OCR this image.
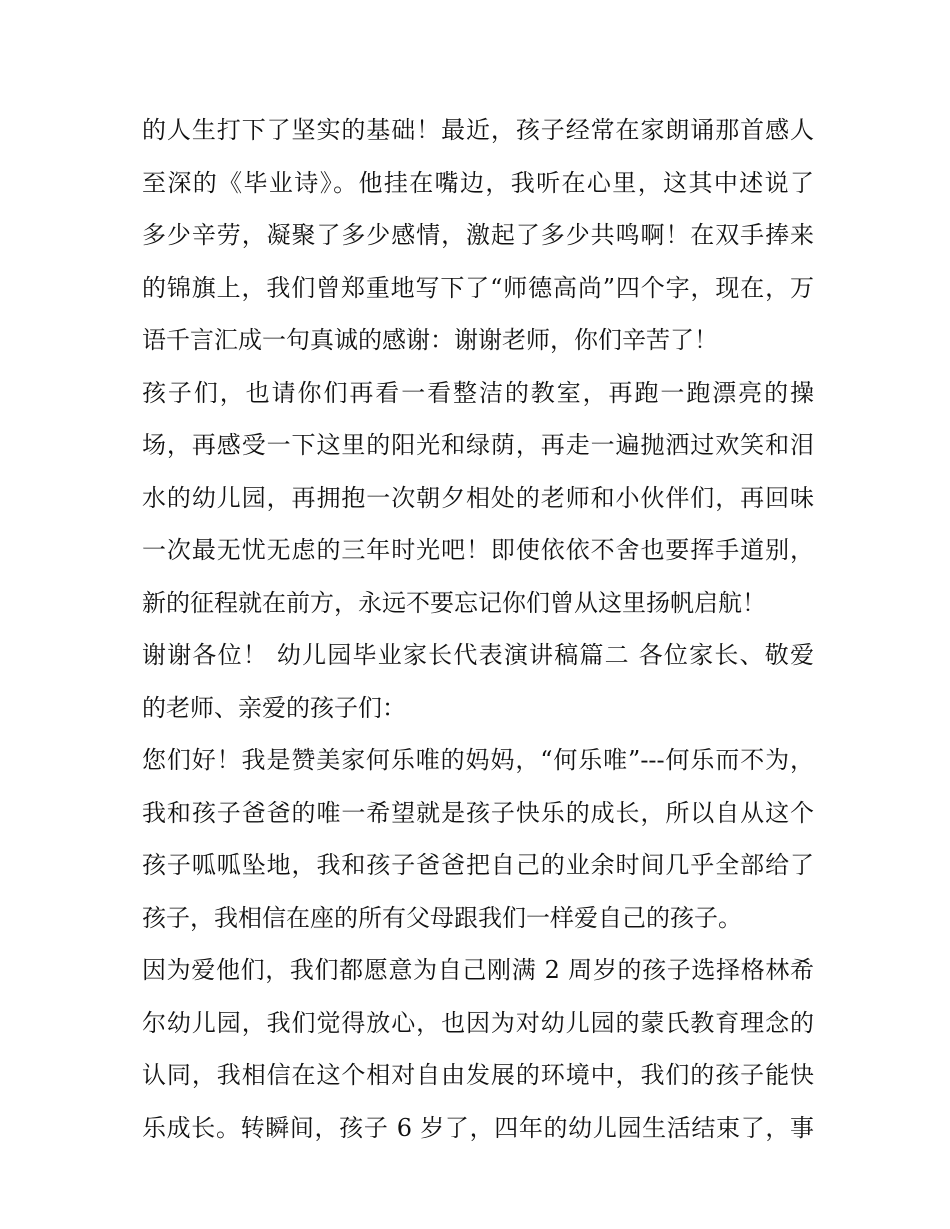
的人生打下了坚实的基础！最近，孩子经常在家朗诵那首感人
至深的《毕业诗》。他挂在嘴边，我听在心里，这其中述说了
多少辛劳，凝聚了多少感情，激起了多少共鸣啊！在双手捧来
的锦旗上，我们曾郑重地写下了“师德高尚”四个字，现在，万
语千言汇成一句真诚的感谢：谢谢老师，你们辛苦了！
孩子们，也请你们再看一看整洁的教室，再跑一跑漂亮的操
场，再感受一下这里的阳光和绿荫，再走一遍抛洒过欢笑和泪
水的幼儿园，再拥抱一次朝夕相处的老师和小伙伴们，再回味
一次最无忧无虑的三年时光吧！即使依依不舍也要挥手道别，
新的征程就在前方，永远不要忘记你们曾从这里扬帆启航！
谢谢各位！ 幼儿园毕业家长代表演讲稿篇二 各位家长、敬爱
的老师、亲爱的孩子们：
您们好！我是赞美家何乐唯的妈妈，“何乐唯”---何乐而不为，
我和孩子爸爸的唯一希望就是孩子快乐的成长，所以自从这个
孩子呱呱坠地，我和孩子爸爸把自己的业余时间几乎全部给了
孩子，我相信在座的所有父母跟我们一样爱自己的孩子。
因为爱他们，我们都愿意为自己刚满 2 周岁的孩子选择格林希
尔幼儿园，我们觉得放心，也因为对幼儿园的蒙氏教育理念的
认同，我相信在这个相对自由发展的环境中，我们的孩子能快
乐成长。转瞬间，孩子 6 岁了，四年的幼儿园生活结束了，事
